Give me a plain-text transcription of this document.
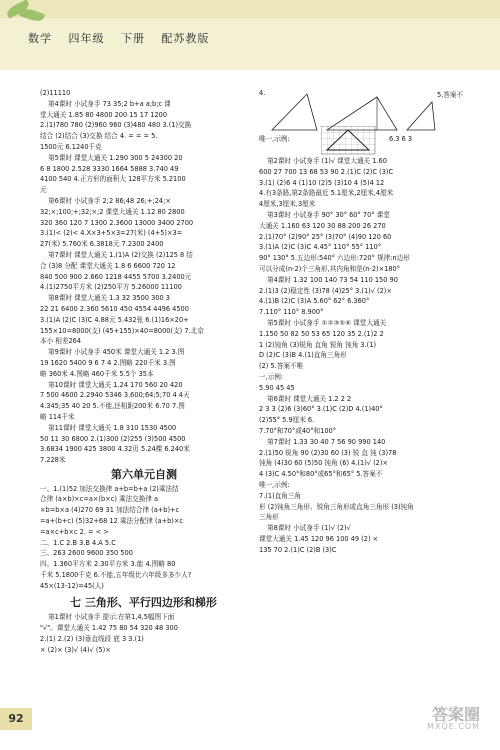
数学 四年级 下册 配苏教版
(2)11110
第4课时 小试身手 73 35;2 b+a a;b;c 课
堂大通关 1.85 80 4800 200 15 17 1200
2.(1)780 780 (2)960 960 (3)480 480 3.(1)交换
结合 (2)结合 (3)交换 结合 4. = = = 5.
1500元 6.1240千克
第5课时 课堂大通关 1.290 300 5 24300 20
6 8 1800 2.528 3330 1664 5888 3.740 49
4100 540 4.正方形的面积大 128平方米 5.2100
元
第6课时 小试身手 2;2 86;48 26;+;24;×
32;×;100;+;32;×;2 课堂大通关 1.12 80 2800
320 360 120 7 1300 2.3600 13000 3400 2700
3.(1)< (2)< 4.X×3+5×3=27(米) (4+5)×3=
27(米) 5.760米 6.3818元 7.2300 2400
第7课时 课堂大通关 1.(1)A (2)交换 (2)125 8 结
合 (3)8 分配 课堂大通关 1.8 6 6600 720 12
840 500 900 2.660 1218 4455 5700 3.2400元
4.(1)2750平方米 (2)250平方 5.26000 11100
第8课时 课堂大通关 1.3 32 3500 300 3
22 21 6400 2.360 5610 450 4554 4496 4500
3.(1)A (2)C (3)C 4.88元 5.432张 6.(1)16×20+
155×10=8000(支) (45+155)×40=8000(支) 7.北京
本小 相差264
第9课时 小试身手 450米 课堂大通关 1.2 3.图
19 1620 5400 9 6 7 4 2.图略 220千米 3.图
略 360米 4.图略 460千米 5.5个 35本
第10课时 课堂大通关 1.24 170 560 20 420
7 500 4600 2.2940 5346 3.600;64;5;70 4 4天
4.345;35 40 20 5.不能,还相距200米 6.70 7.图
略 114千米
第11课时 课堂大通关 1.8 310 1530 4500
50 11 30 6800 2.(1)300 (2)255 (3)500 4500
3.6834 1900 425 3800 4.32页 5.24棵 6.240米
7.228米
第六单元自测
一、1.(1)52 加法交换律 a+b=b+a (2)乘法结
合律 (a×b)×c=a×(b×c) 乘法交换律 a
×b=b×a (4)270 69 31 加法结合律 (a+b)+c
=a+(b+c) (5)32+68 12 乘法分配律 (a+b)×c
=a×c+b×c 2. = < >
二、1.C 2.B 3.B 4.A 5.C
三、263 2600 9600 350 500
四、1.360平方米 2.30平方米 3.能 4.图略 80
千米 5.1800千克 6.不能,五年级比六年级多多少人?
45×(13-12)=45(人)
七 三角形、平行四边形和梯形
第1课时 小试身手 提示:在第1,4,5幅图下面
"√"。课堂大通关 1.42 75 80 54 320 48 300
2.(1) 2.(2) (3)垂直线段 底 3 3.(1)
× (2)× (3)√ (4)√ (5)×
4.	5.答案不
唯一,示例:	6.3 6 3
第2课时 小试身手 (1)√ 课堂大通关 1.60
600 27 700 13 68 53 90 2.(1)C (2)C (3)C
3.(1) (2)6 4 (1)10 (2)5 (3)10 4 (5)4 12
4.有3条路,第2条路最近 5.1厘米,2厘米,4厘米
4厘米,3厘米,3厘米
第3课时 小试身手 90° 30° 60° 70° 课堂
大通关 1.160 63 120 30 88 200 26 270
2.(1)70° (2)90° 25° (3)70° (4)90 120 60
3.(1)A (2)C (3)C 4.45° 110° 55° 110°
90° 130° 5.五边形:540° 六边形:720° 规律:n边形
可以分成(n-2)个三角形,其内角和是(n-2)×180°
第4课时 1.32 100 140 73 54 110 150 90
2.(1)3 (2)稳定性 (3)78 (4)25° 3.(1)√ (2)×
4.(1)B (2)C (3)A 5.60° 62° 6.360°
7.110° 110° 8.900°
第5课时 小试身手 ①②③⑤⑥ 课堂大通关
1.150 50 82 50 53 65 120 35 2.(1)2 2
1 (2)钝角 (3)锐角 直角 锐角 钝角 3.(1)
D (2)C (3)B 4.(1)直角三角形
(2) 5.答案不唯
一,示例:
5.90 45 45
第6课时 课堂大通关 1.2 2 2
2 3 3 (2)6 (3)60° 3.(1)C (2)D 4.(1)40°
(2)55° 5.9厘米 6.
7.70°和70°或40°和100°
第7课时 1.33 30 40 7 56 90 990 140
2.(1)50 锐角 90 (2)30 60 (3) 锐 直 钝 (3)78
钝角 (4)30 60 (5)50 钝角 (6) 4.(1)√ (2)×
4 (3)C 4.50°和80°或65°和65° 5.答案不
唯一,示例:
7.(1)直角三角
形 (2)钝角三角形、锐角三角形或直角三角形 (3)钝角
三角形
第8课时 小试身手 (1)√ (2)√
课堂大通关 1.45 120 96 100 49 (2) ×
135 70 2.(1)C (2)B (3)C
92	答案圈
MXQE.COM
